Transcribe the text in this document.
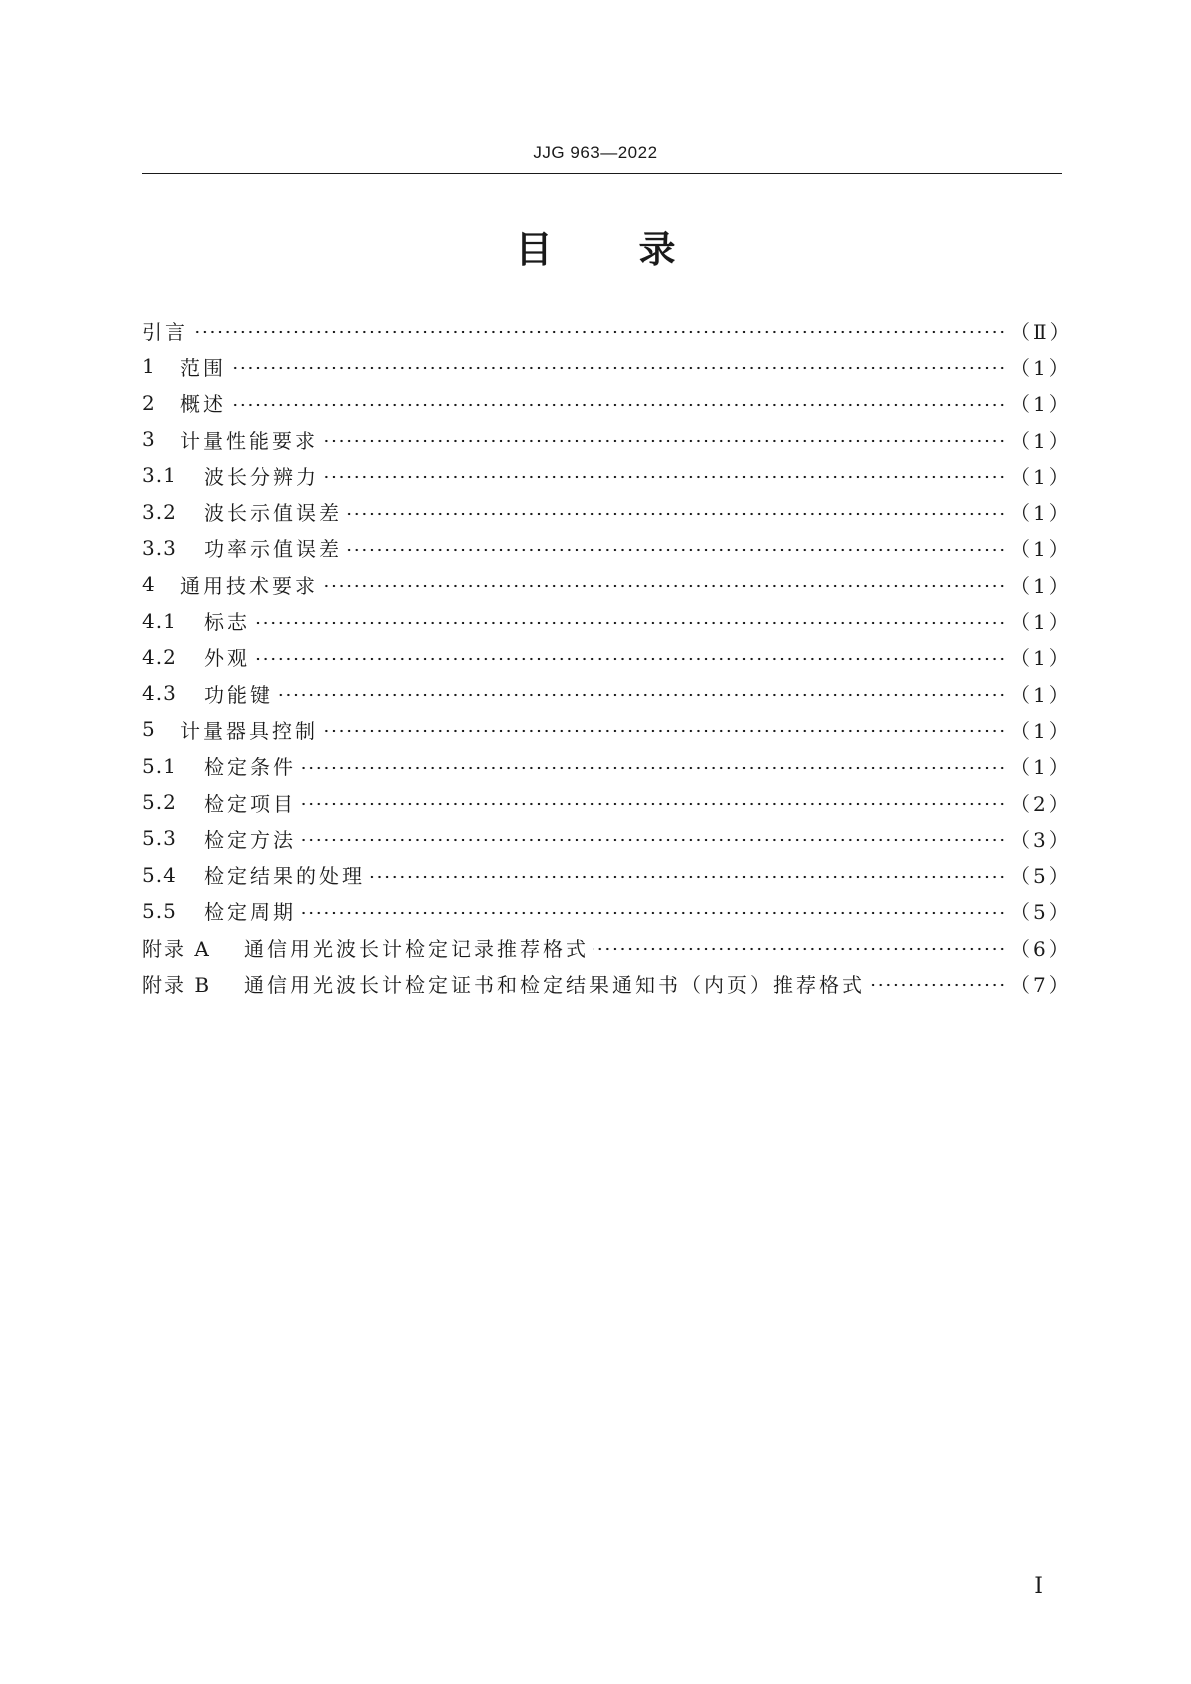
JJG 963—2022
目 录
引言	（Ⅱ）
1	范围	（1）
2	概述	（1）
3	计量性能要求	（1）
3.1	波长分辨力	（1）
3.2	波长示值误差	（1）
3.3	功率示值误差	（1）
4	通用技术要求	（1）
4.1	标志	（1）
4.2	外观	（1）
4.3	功能键	（1）
5	计量器具控制	（1）
5.1	检定条件	（1）
5.2	检定项目	（2）
5.3	检定方法	（3）
5.4	检定结果的处理	（5）
5.5	检定周期	（5）
附录 A	通信用光波长计检定记录推荐格式	（6）
附录 B	通信用光波长计检定证书和检定结果通知书（内页）推荐格式	（7）
Ⅰ
